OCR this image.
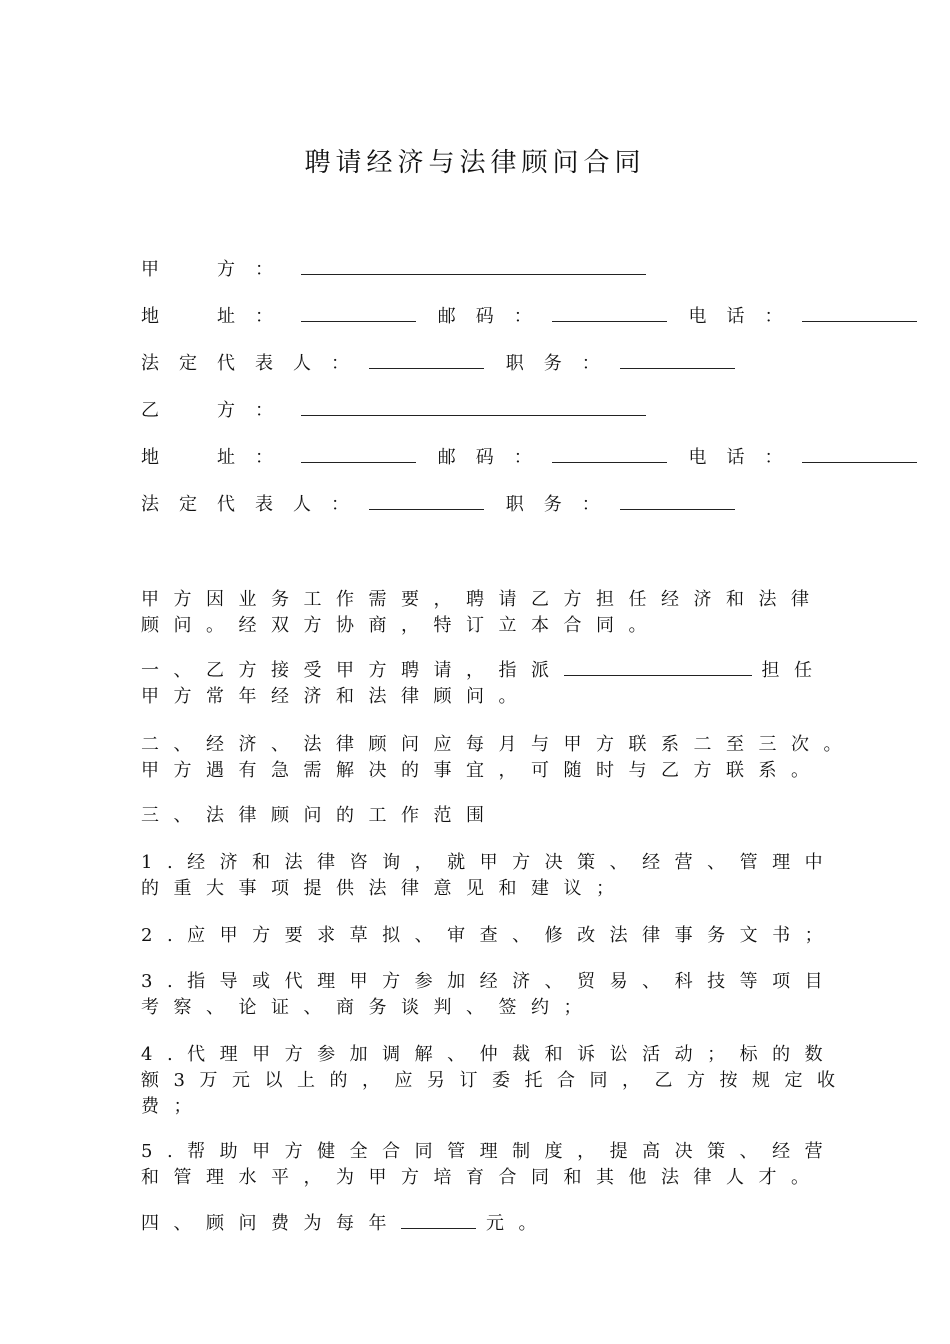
聘请经济与法律顾问合同
甲　方：
地　址：	邮码：	电话：
法定代表人：	职务：
乙　方：
地　址：	邮码：	电话：
法定代表人：	职务：
甲方因业务工作需要，聘请乙方担任经济和法律
顾问。经双方协商，特订立本合同。
一、乙方接受甲方聘请，指派	担任
甲方常年经济和法律顾问。
二、经济、法律顾问应每月与甲方联系二至三次。
甲方遇有急需解决的事宜，可随时与乙方联系。
三、法律顾问的工作范围
1.经济和法律咨询，就甲方决策、经营、管理中
的重大事项提供法律意见和建议；
2.应甲方要求草拟、审查、修改法律事务文书；
3.指导或代理甲方参加经济、贸易、科技等项目
考察、论证、商务谈判、签约；
4.代理甲方参加调解、仲裁和诉讼活动；标的数
额3万元以上的，应另订委托合同，乙方按规定收
费；
5.帮助甲方健全合同管理制度，提高决策、经营
和管理水平，为甲方培育合同和其他法律人才。
四、顾问费为每年	元。
